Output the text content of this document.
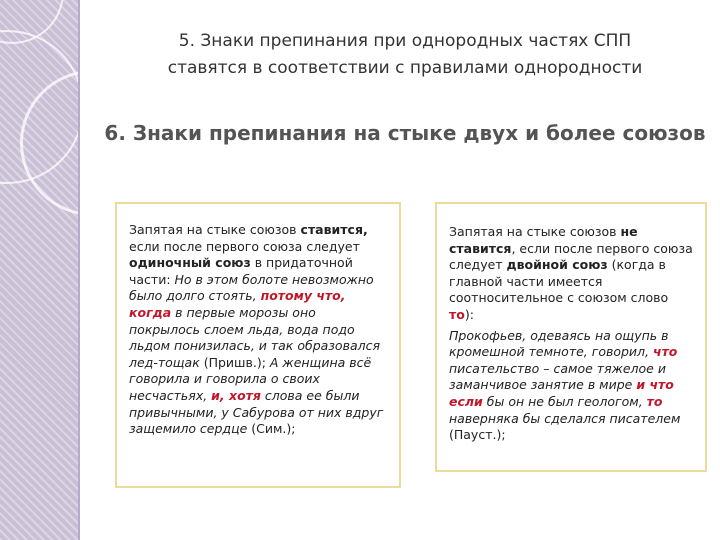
5. Знаки препинания при однородных частях СПП
ставятся в соответствии с правилами однородности
6. Знаки препинания на стыке двух и более союзов

Запятая на стыке союзов ставится, если после первого союза следует одиночный союз в придаточной части: Но в этом болоте невозможно было долго стоять, потому что, когда в первые морозы оно покрылось слоем льда, вода подо льдом понизилась, и так образовался лед-тощак (Пришв.); А женщина всё говорила и говорила о своих несчастьях, и, хотя слова ее были привычными, у Сабурова от них вдруг защемило сердце (Сим.);

Запятая на стыке союзов не ставится, если после первого союза следует двойной союз (когда в главной части имеется соотносительное с союзом слово то):

Прокофьев, одеваясь на ощупь в кромешной темноте, говорил, что писательство – самое тяжелое и заманчивое занятие в мире и что если бы он не был геологом, то наверняка бы сделался писателем (Пауст.);
